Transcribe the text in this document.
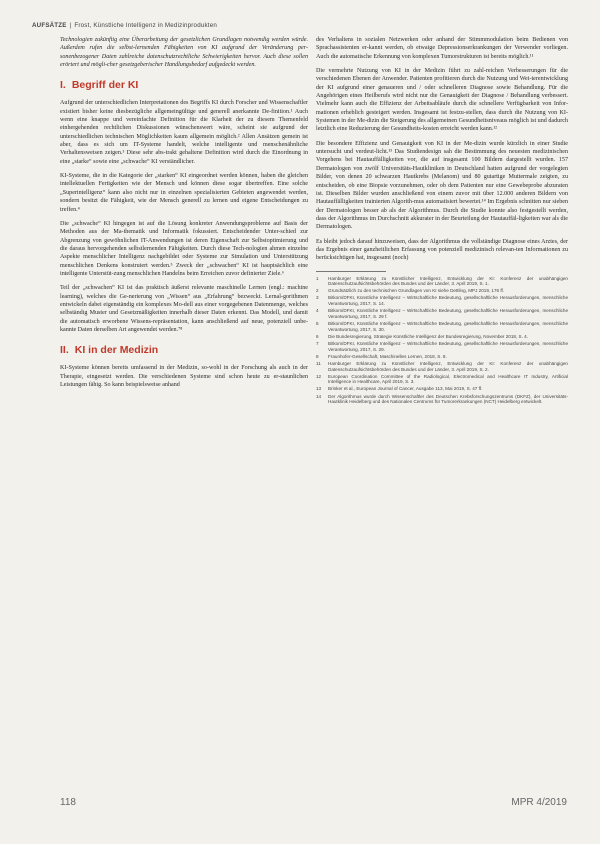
AUFSÄTZE | Frost, Künstliche Intelligenz in Medizinprodukten

Technologien zukünftig eine Überarbeitung der gesetzlichen Grundlagen notwendig werden würde. Außerdem rufen die selbst-lernenden Fähigkeiten von KI aufgrund der Veränderung per-sonenbezogener Daten zahlreiche datenschutzrechtliche Schwierigkeiten hervor. Auch diese sollen erörtert und mögli-cher gesetzgeberischer Handlungsbedarf aufgedeckt werden.

I. Begriff der KI

Aufgrund der unterschiedlichen Interpretationen des Begriffs KI durch Forscher und Wissenschaftler existiert bisher keine diesbezügliche allgemeingültige und generell anerkannte De-finition.¹ Auch wenn eine knappe und vereinfachte Definition für die Klarheit der zu diesem Themenfeld einhergehenden rechtlichen Diskussionen wünschenswert wäre, scheint sie aufgrund der unterschiedlichen technischen Möglichkeiten kaum allgemein möglich.² Allen Ansätzen gemein ist aber, dass es sich um IT-Systeme handelt, welche intelligente und menschenähnliche Verhaltensweisen zeigen.³ Diese sehr abs-trakt gehaltene Definition wird durch die Einordnung in eine „starke“ sowie eine „schwache“ KI verständlicher.

KI-Systeme, die in die Kategorie der „starken“ KI eingeordnet werden können, haben die gleichen intellektuellen Fertigkeiten wie der Mensch und können diese sogar übertreffen. Eine solche „Superintelligenz“ kann also nicht nur in einzelnen spezialisierten Gebieten angewendet werden, sondern besitzt die Fähigkeit, wie der Mensch generell zu lernen und eigene Entscheidungen zu treffen.⁴

Die „schwache“ KI hingegen ist auf die Lösung konkreter Anwendungsprobleme auf Basis der Methoden aus der Ma-thematik und Informatik fokussiert. Entscheidender Unter-schied zur Abgrenzung von gewöhnlichen IT-Anwendungen ist deren Eigenschaft zur Selbstoptimierung und die daraus hervorgehenden selbstlernenden Fähigkeiten. Durch diese Tech-nologien ahmen einzelne Aspekte menschlicher Intelligenz nachgebildet oder Systeme zur Simulation und Unterstützung menschlichen Denkens konstruiert werden.⁵ Zweck der „schwachen“ KI ist hauptsächlich eine intelligente Unterstüt-zung menschlichen Handelns beim Erreichen zuvor definierter Ziele.⁶

Teil der „schwachen“ KI ist das praktisch äußerst relevante maschinelle Lernen (engl.: machine learning), welches die Ge-nerierung von „Wissen“ aus „Erfahrung“ bezweckt. Lernal-gorithmen entwickeln dabei eigenständig ein komplexes Mo-dell aus einer vorgegebenen Datenmenge, welches selbständig Muster und Gesetzmäßigkeiten innerhalb dieser Daten erkennt. Das Modell, und damit die automatisch erworbene Wissens-repräsentation, kann anschließend auf neue, potenziell unbe-kannte Daten derselben Art angewendet werden.⁷⁸

II. KI in der Medizin

KI-Systeme können bereits umfassend in der Medizin, so-wohl in der Forschung als auch in der Therapie, eingesetzt werden. Die verschiedenen Systeme sind schon heute zu er-staunlichen Leistungen fähig. So kann beispielsweise anhand

des Verhaltens in sozialen Netzwerken oder anhand der Stimmmodulation beim Bedienen von Sprachassistenten er-kannt werden, ob etwaige Depressionserkrankungen der Verwender vorliegen. Auch die automatische Erkennung von komplexen Tumorstrukturen ist bereits möglich.¹¹

Die vermehrte Nutzung von KI in der Medizin führt zu zahl-reichen Verbesserungen für die verschiedenen Ebenen der Anwender. Patienten profitieren durch die Nutzung und Wei-terentwicklung der KI aufgrund einer genaueren und / oder schnelleren Diagnose sowie Behandlung. Für die Angehörigen eines Heilberufs wird nicht nur die Genauigkeit der Diagnose / Behandlung verbessert. Vielmehr kann auch die Effizienz der Arbeitsabläufe durch die schnellere Verfügbarkeit von Infor-mationen erheblich gesteigert werden. Insgesamt ist festzu-stellen, dass durch die Nutzung von KI-Systemen in der Me-dizin die Steigerung des allgemeinen Gesundheitsniveaus möglich ist und dadurch letztlich eine Reduzierung der Gesundheits-kosten erreicht werden kann.¹²

Die besondere Effizienz und Genauigkeit von KI in der Me-dizin wurde kürzlich in einer Studie untersucht und verdeut-licht.¹³ Das Studiendesign sah die Bestimmung des neuesten medizinischen Vorgehens bei Hautauffälligkeiten vor, die auf insgesamt 100 Bildern dargestellt wurden. 157 Dermatologen von zwölf Universitäts-Hautkliniken in Deutschland hatten aufgrund der vorgelegten Bilder, von denen 20 schwarzen Hautkrebs (Melanom) und 80 gutartige Muttermale zeigten, zu entscheiden, ob eine Biopsie vorzunehmen, oder ob dem Patienten nur eine Gewebeprobe abzuraten ist. Dieselben Bilder wurden anschließend von einem zuvor mit über 12.000 anderen Bildern von Hautauffälligkeiten trainierten Algorith-mus automatisiert bewertet.¹⁴ Im Ergebnis schnitten nur sieben der Dermatologen besser ab als der Algorithmus. Durch die Studie konnte also festgestellt werden, dass der Algorithmus im Durchschnitt akkurater in der Beurteilung der Hautauffäl-ligkeiten war als die Dermatologen.

Es bleibt jedoch darauf hinzuweisen, dass der Algorithmus die vollständige Diagnose eines Arztes, der das Ergebnis einer ganzheitlichen Erfassung von potenziell medizinisch relevan-ten Informationen zu berücksichtigen hat, insgesamt (noch)

1	Hamburger Erklärung zu Künstlicher Intelligenz, Entwicklung der KI: Konferenz der unabhängigen Datenschutzaufsichtsbehörden des Bundes und der Länder, 3. April 2019, S. 1.
2	Grundsätzlich zu den technischen Grundlagen von KI siehe Dettling, MPJ 2019, 176 ff.
3	Bitkom/DFKI, Künstliche Intelligenz – Wirtschaftliche Bedeutung, gesellschaftliche Herausforderungen, menschliche Verantwortung, 2017, S. 14.
4	Bitkom/DFKI, Künstliche Intelligenz – Wirtschaftliche Bedeutung, gesellschaftliche Herausforderungen, menschliche Verantwortung, 2017, S. 29 f.
5	Bitkom/DFKI, Künstliche Intelligenz – Wirtschaftliche Bedeutung, gesellschaftliche Herausforderungen, menschliche Verantwortung, 2017, S. 30.
6	Die Bundesregierung, Strategie Künstliche Intelligenz der Bundesregierung, November 2018, S. 4.
7	Bitkom/DFKI, Künstliche Intelligenz – Wirtschaftliche Bedeutung, gesellschaftliche Herausforderungen, menschliche Verantwortung, 2017, S. 29.
8	Fraunhofer-Gesellschaft, Maschinelles Lernen, 2018, S. 8.
11	Hamburger Erklärung zu Künstlicher Intelligenz, Entwicklung der KI: Konferenz der unabhängigen Datenschutzaufsichtsbehörden des Bundes und der Länder, 3. April 2019, S. 2.
12	European Coordination Committee of the Radiological, Electromedical and Healthcare IT Industry, Artificial Intelligence in Healthcare, April 2019, S. 3.
13	Brinker et al., European Journal of Cancer, Ausgabe 113, Mai 2019, S. 47 ff.
14	Der Algorithmus wurde durch Wissenschaftler des Deutschen Krebsforschungszentrums (DKFZ), der Universitäts-Hautklinik Heidelberg und des Nationalen Centrums für Tumorerkrankungen (NCT) Heidelberg entwickelt.
118	MPR 4/2019
